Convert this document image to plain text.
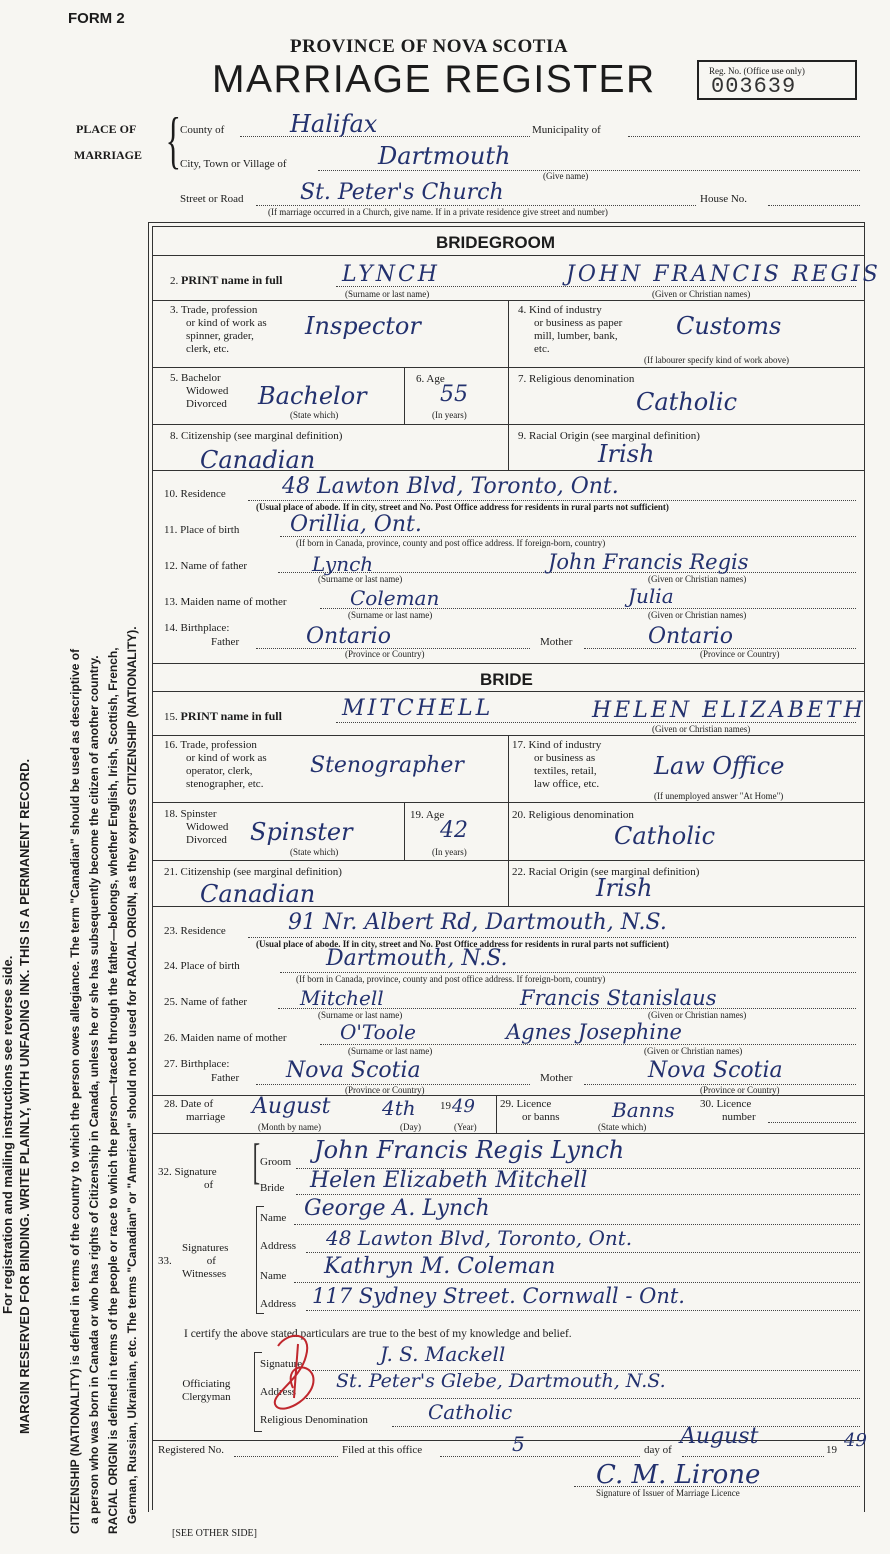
For registration and mailing instructions see reverse side. MARGIN RESERVED FOR BINDING. WRITE PLAINLY, WITH UNFADING INK. THIS IS A PERMANENT RECORD.	CITIZENSHIP (NATIONALITY) is defined in terms of the country to which the person owes allegiance. The term "Canadian" should be used as descriptive of a person who was born in Canada or who has rights of Citizenship in Canada, unless he or she has subsequently become the citizen of another country. RACIAL ORIGIN is defined in terms of the people or race to which the person—traced through the father—belongs, whether English, Irish, Scottish, French, German, Russian, Ukrainian, etc. The terms "Canadian" or "American" should not be used for RACIAL ORIGIN, as they express CITIZENSHIP (NATIONALITY).
FORM 2
PROVINCE OF NOVA SCOTIA
MARRIAGE REGISTER	Reg. No. (Office use only)
003639
PLACE OF
MARRIAGE {
County of	Halifax	Municipality of
City, Town or Village of	Dartmouth
(Give name)
Street or Road	St. Peter's Church	House No.
(If marriage occurred in a Church, give name. If in a private residence give street and number)
BRIDEGROOM
2. PRINT name in full	LYNCH	JOHN FRANCIS REGIS
(Surname or last name)	(Given or Christian names)
3. Trade, profession
or kind of work as
spinner, grader,
clerk, etc.
Inspector
4. Kind of industry
or business as paper
mill, lumber, bank,
etc.
Customs
(If labourer specify kind of work above)
5. Bachelor
Widowed
Divorced Bachelor
(State which)
6. Age
55
(In years)
7. Religious denomination
Catholic
8. Citizenship (see marginal definition)
Canadian
9. Racial Origin (see marginal definition)
Irish
10. Residence	48 Lawton Blvd, Toronto, Ont.
(Usual place of abode. If in city, street and No. Post Office address for residents in rural parts not sufficient)
11. Place of birth Orillia, Ont.
(If born in Canada, province, county and post office address. If foreign-born, country)
12. Name of father	Lynch	John Francis Regis
(Surname or last name)	(Given or Christian names)
13. Maiden name of mother	Coleman	Julia
(Surname or last name)	(Given or Christian names)
14. Birthplace:
Father	Ontario	Mother	Ontario
(Province or Country)	(Province or Country)
BRIDE
15. PRINT name in full	MITCHELL	HELEN ELIZABETH
(Given or Christian names)
16. Trade, profession
or kind of work as
operator, clerk,
stenographer, etc.
Stenographer
17. Kind of industry
or business as
textiles, retail,
law office, etc.
Law Office
(If unemployed answer "At Home")
18. Spinster
Widowed
Divorced Spinster
(State which)
19. Age
42
(In years)
20. Religious denomination
Catholic
21. Citizenship (see marginal definition)
Canadian
22. Racial Origin (see marginal definition)
Irish
23. Residence	91 Nr. Albert Rd, Dartmouth, N.S.
(Usual place of abode. If in city, street and No. Post Office address for residents in rural parts not sufficient)
24. Place of birth	Dartmouth, N.S.
(If born in Canada, province, county and post office address. If foreign-born, country)
25. Name of father	Mitchell	Francis Stanislaus
(Surname or last name)	(Given or Christian names)
26. Maiden name of mother	O'Toole	Agnes Josephine
(Surname or last name)	(Given or Christian names)
27. Birthplace:
Father Nova Scotia	Mother	Nova Scotia
(Province or Country)	(Province or Country)
28. Date of
marriage August	4th 19 49
(Month by name)	(Day)	(Year)
29. Licence
or banns	Banns
(State which)
30. Licence
number
32. Signature
of [ Groom John Francis Regis Lynch
Bride Helen Elizabeth Mitchell
Signatures
33.	of
Witnesses
Name George A. Lynch
Address 48 Lawton Blvd, Toronto, Ont.
Name Kathryn M. Coleman
Address 117 Sydney Street. Cornwall - Ont.
I certify the above stated particulars are true to the best of my knowledge and belief.
Officiating
Clergyman
Signature	J. S. Mackell
Address St. Peter's Glebe, Dartmouth, N.S.
Religious Denomination	Catholic
Registered No.	Filed at this office	5	day of
August
19 49
C. M. Lirone
Signature of Issuer of Marriage Licence
[SEE OTHER SIDE]
